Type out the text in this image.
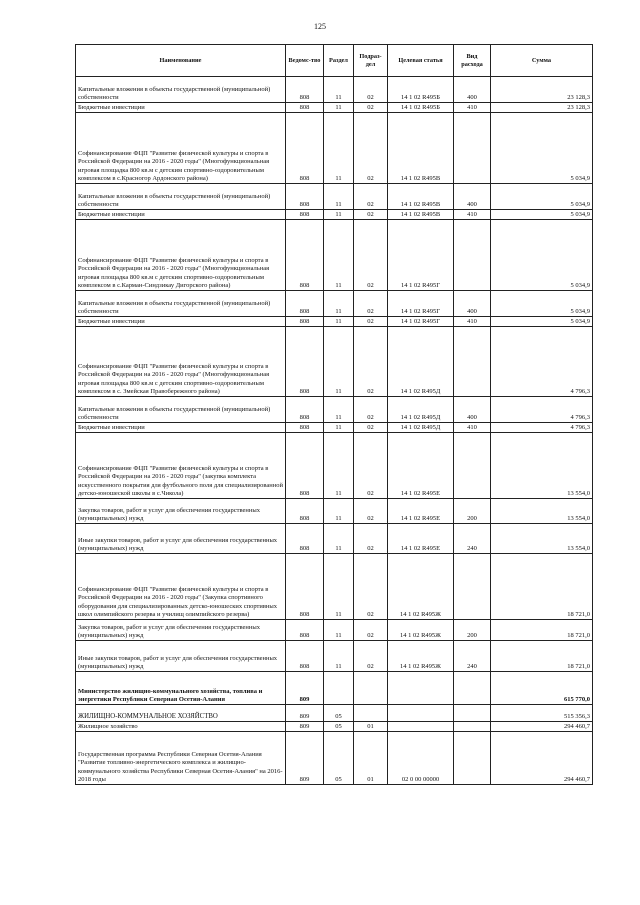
125
Наименование	Ведомс-тво	Раздел	Подраз-дел	Целевая статья	Вид расхода	Сумма
Капитальные вложения в объекты государственной (муниципальной) собственности	808	11	02	14 1 02 R495Б	400	23 128,3
Бюджетные инвестиции	808	11	02	14 1 02 R495Б	410	23 128,3
Софинансирование ФЦП "Развитие физической культуры и спорта в Российской Федерации на 2016 - 2020 годы" (Многофункциональная игровая площадка 800 кв.м с детским спортивно-оздоровительным комплексом в с.Красногор Ардонского района)	808	11	02	14 1 02 R495В		5 034,9
Капитальные вложения в объекты государственной (муниципальной) собственности	808	11	02	14 1 02 R495В	400	5 034,9
Бюджетные инвестиции	808	11	02	14 1 02 R495В	410	5 034,9
Софинансирование ФЦП "Развитие физической культуры и спорта в Российской Федерации на 2016 - 2020 годы" (Многофункциональная игровая площадка 800 кв.м с детским спортивно-оздоровительным комплексом в с.Карман-Синдзикау Дигорского района)	808	11	02	14 1 02 R495Г		5 034,9
Капитальные вложения в объекты государственной (муниципальной) собственности	808	11	02	14 1 02 R495Г	400	5 034,9
Бюджетные инвестиции	808	11	02	14 1 02 R495Г	410	5 034,9
Софинансирование ФЦП "Развитие физической культуры и спорта в Российской Федерации на 2016 - 2020 годы" (Многофункциональная игровая площадка 800 кв.м с детским спортивно-оздоровительным комплексом в с. Змейская Правобережного района)	808	11	02	14 1 02 R495Д		4 796,3
Капитальные вложения в объекты государственной (муниципальной) собственности	808	11	02	14 1 02 R495Д	400	4 796,3
Бюджетные инвестиции	808	11	02	14 1 02 R495Д	410	4 796,3
Софинансирование ФЦП "Развитие физической культуры и спорта в Российской Федерации на 2016 - 2020 годы" (закупка комплекта искусственного покрытия для футбольного поля для специализированной детско-юношеской школы в с.Чикола)	808	11	02	14 1 02 R495Е		13 554,0
Закупка товаров, работ и услуг для обеспечения государственных (муниципальных) нужд	808	11	02	14 1 02 R495Е	200	13 554,0
Иные закупки товаров, работ и услуг для обеспечения государственных (муниципальных) нужд	808	11	02	14 1 02 R495Е	240	13 554,0
Софинансирование ФЦП "Развитие физической культуры и спорта в Российской Федерации на 2016 - 2020 годы" (Закупка спортивного оборудования для специализированных детско-юношеских спортивных школ олимпийского резерва и училищ олимпийского резерва)	808	11	02	14 1 02 R495Ж		18 721,0
Закупка товаров, работ и услуг для обеспечения государственных (муниципальных) нужд	808	11	02	14 1 02 R495Ж	200	18 721,0
Иные закупки товаров, работ и услуг для обеспечения государственных (муниципальных) нужд	808	11	02	14 1 02 R495Ж	240	18 721,0
Министерство жилищно-коммунального хозяйства, топлива и энергетики Республики Северная Осетия-Алания	809					615 770,0
ЖИЛИЩНО-КОММУНАЛЬНОЕ ХОЗЯЙСТВО	809	05				515 356,3
Жилищное хозяйство	809	05	01			294 460,7
Государственная программа Республики Северная Осетия-Алания "Развитие топливно-энергетического комплекса и жилищно-коммунального хозяйства Республики Северная Осетия-Алания" на 2016-2018 годы	809	05	01	02 0 00 00000		294 460,7
